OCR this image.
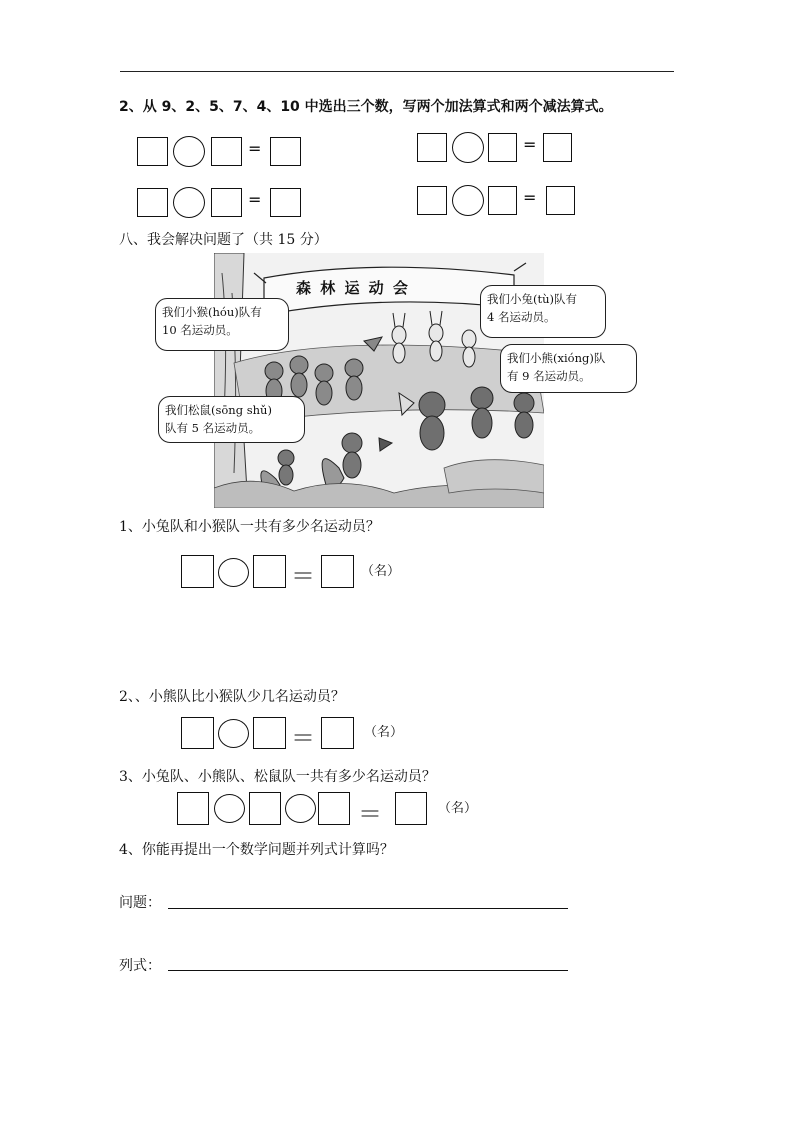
2、从 9、2、5、7、4、10 中选出三个数，写两个加法算式和两个减法算式。
=	=
=	=
八、我会解决问题了（共 15 分）
森 林 运 动 会
我们小猴(hóu)队有
10 名运动员。
我们小兔(tù)队有
4 名运动员。
我们小熊(xióng)队
有 9 名运动员。
我们松鼠(sōng shǔ)
队有 5 名运动员。
1、小兔队和小猴队一共有多少名运动员？
＝	（名）
2、、小熊队比小猴队少几名运动员？
＝	（名）
3、小兔队、小熊队、松鼠队一共有多少名运动员？
＝	（名）
4、你能再提出一个数学问题并列式计算吗？
问题：
列式：
